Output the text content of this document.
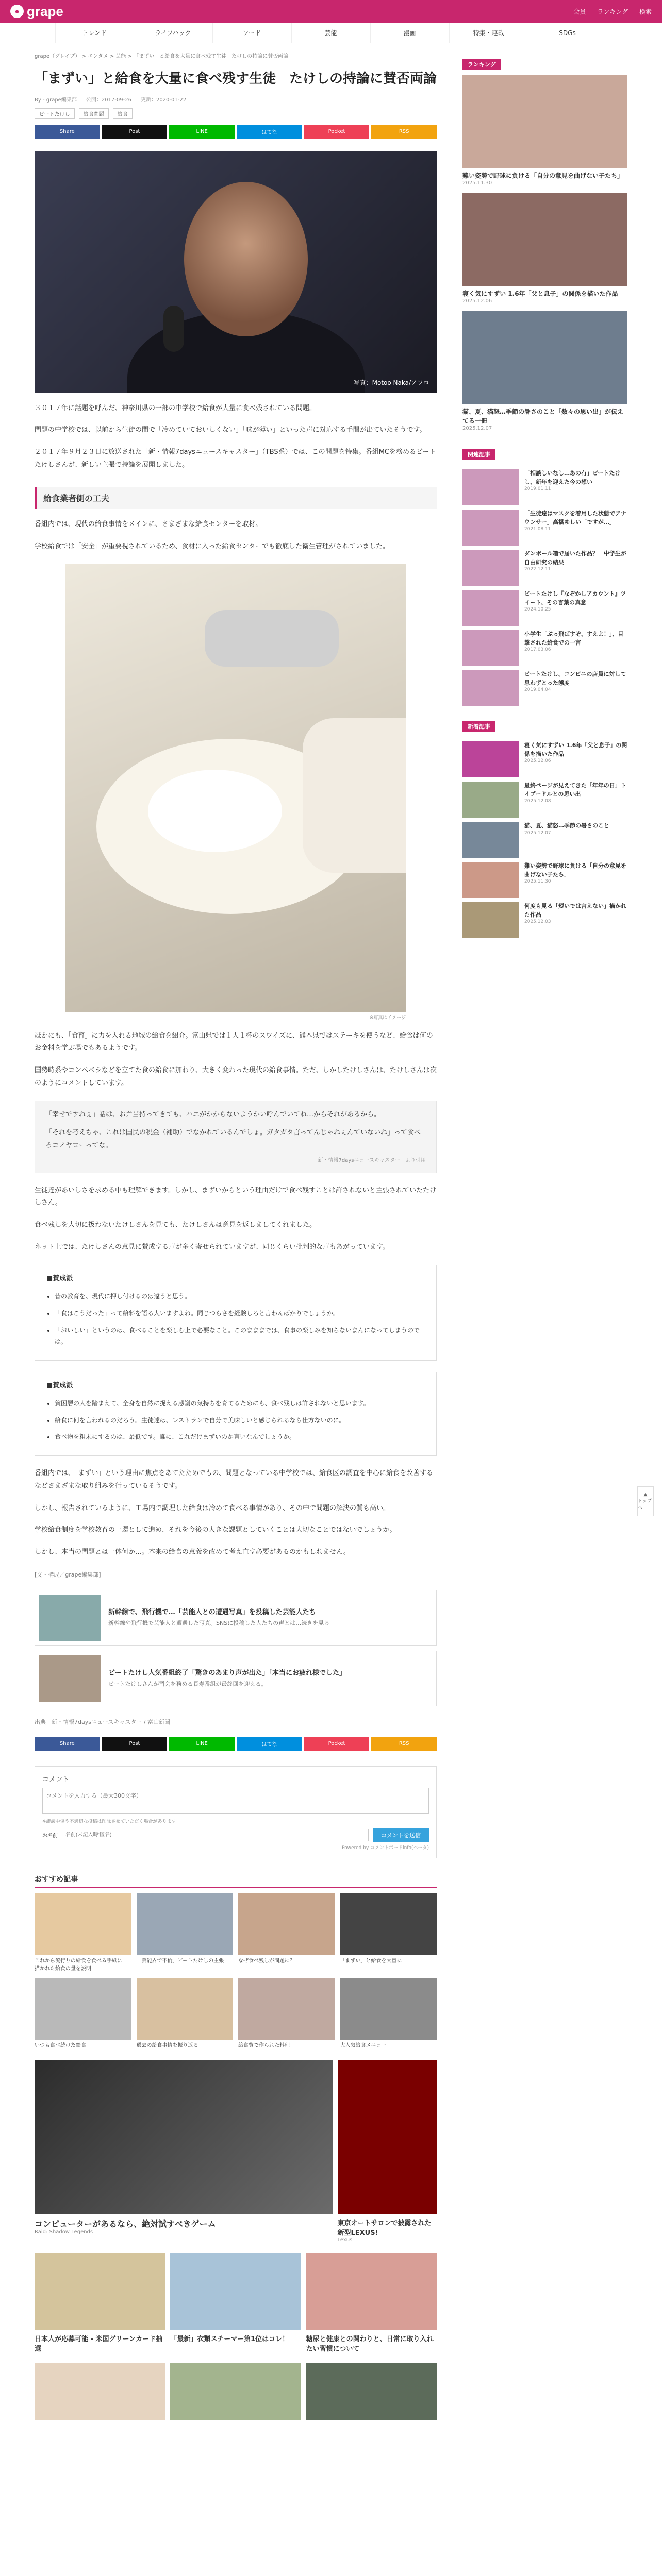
● grape	会員 ランキング 検索
トレンド	ライフハック	フード	芸能	漫画	特集・連載	SDGs
grape（グレイプ） > エンタメ > 芸能 > 「まずい」と給食を大量に食べ残す生徒　たけしの持論に賛否両論
「まずい」と給食を大量に食べ残す生徒　たけしの持論に賛否両論
By - grape編集部 公開：2017-09-26 更新：2020-01-22
ビートたけし	給食問題	給食
Share	Post	LINE	はてな	Pocket	RSS
写真：Motoo Naka/アフロ

３０１７年に話題を呼んだ、神奈川県の一部の中学校で給食が大量に食べ残されている問題。

問題の中学校では、以前から生徒の間で「冷めていておいしくない」「味が薄い」といった声に対応する手間が出ていたそうです。

２０１７年９月２３日に放送された「新・情報7daysニュースキャスター」（TBS系）では、この問題を特集。番組MCを務めるビートたけしさんが、新しい主張で持論を展開しました。

給食業者側の工夫

番組内では、現代の給食事情をメインに、さまざまな給食センターを取材。

学校給食では「安全」が重要視されているため、食材に入った給食センターでも徹底した衛生管理がされていました。

※写真はイメージ

ほかにも、「食育」に力を入れる地域の給食を紹介。富山県では１人１杯のスワイズに、熊本県ではステーキを使うなど、給食は何のお金料を学ぶ場でもあるようです。

国勢時系やコンペベラなどを立てた食の給食に加わり、大きく変わった現代の給食事情。ただ、しかしたけしさんは、たけしさんは次のようにコメントしています。

「幸せですねぇ」話は、お弁当持ってきても、ハエがかからないようかい呼んでいてね…からそれがあるから。
「それを考えちゃ、これは国民の税金（補助）でなかれているんでしょ。ガタガタ言ってんじゃねぇんていないね」って食べろコノヤローってな。
新・情報7daysニュースキャスター　より引用

生徒達があいしさを求める中も理解できます。しかし、まずいからという理由だけで食べ残すことは許されないと主張されていたたけしさん。

食べ残しを大切に扱わないたけしさんを見ても、たけしさんは意見を返しましてくれました。

ネット上では、たけしさんの意見に賛成する声が多く寄せられていますが、同じくらい批判的な声もあがっています。

■賛成派
• 昔の教育を、現代に押し付けるのは違うと思う。
• 「食はこうだった」って給料を語る人いますよね。同じつらさを経験しろと言わんばかりでしょうか。
• 「おいしい」というのは、食べることを楽しむ上で必要なこと。このまままでは、食事の楽しみを知らないまんになってしまうのでは。
■賛成派
• 貧困層の人を踏まえて、全身を自然に捉える感謝の気持ちを育てるためにも、食べ残しは許されないと思います。
• 給食に何を言われるのだろう。生徒達は、レストランで自分で美味しいと感じられるなら仕方ないのに。
• 食べ物を粗末にするのは、最低です。誰に、これだけまずいのか言いなんでしょうか。

番組内では、「まずい」という理由に焦点をあてたためでもの、問題となっている中学校では、給食区の調査を中心に給食を改善するなどさまざまな取り組みを行っているそうです。

しかし、報告されているように、工場内で調理した給食は冷めて食べる事情があり、その中で問題の解決の質も高い。

学校給食制度を学校教育の一環として進め、それを今後の大きな課題としていくことは大切なことではないでしょうか。

しかし、本当の問題とは一体何か…。本来の給食の意義を改めて考え直す必要があるのかもしれません。

[文・構成／grape編集部]
新幹線で、飛行機で…「芸能人との遭遇写真」を投稿した芸能人たち
新幹線や飛行機で芸能人と遭遇した写真。SNSに投稿した人たちの声とは…続きを見る
ビートたけし人気番組終了「驚きのあまり声が出た」「本当にお疲れ様でした」
ビートたけしさんが司会を務める長寿番組が最終回を迎える。
出典　新・情報7daysニュースキャスター / 富山新聞
Share	Post	LINE	はてな	Pocket	RSS
コメント
コメントを入力する（最大300文字）
※誹謗中傷や不適切な投稿は削除させていただく場合があります。
お名前
名前(未記入時:匿名)	コメントを送信
Powered by コメントボードinfo(ベータ)
おすすめ記事
これから流行りの給食を食べる手紙に　描かれた給食の量を説明
「芸能界で不倫」ビートたけしの主張	なぜ食べ残しが問題に？	「まずい」と給食を大量に
いつも食べ続けた給食	過去の給食事情を振り返る	給食費で作られた料理	大人気給食メニュー
コンピューターがあるなら、絶対試すべきゲーム
Raid: Shadow Legends
東京オートサロンで披露された新型LEXUS!
Lexus
日本人が応募可能 - 米国グリーンカード抽選
「最新」衣類スチーマー第1位はコレ！	糖尿と健康との関わりと、日常に取り入れたい習慣について
ランキング
難い姿勢で野球に負ける「自分の意見を曲げない子たち」
2025.11.30
寝く気にすずい 1.6年「父と息子」の関係を描いた作品
2025.12.06
猫、夏、猫怒…季節の暑さのこと「数々の思い出」が伝えてる一冊
2025.12.07
関連記事
「相談しいなし…あの有」ビートたけし、新年を迎えた今の想い
2019.01.11
「生徒達はマスクを着用した状態でアナウンサー」高橋ゆしい「ですが…」
2021.08.11
ダンボール箱で届いた作品？　中学生が自由研究の結果
2022.12.11
ビートたけし『なぞかしアカウント』ツイート、その言葉の真意
2024.10.25
小学生「ぶっ飛ばすぞ、すえよ！」、目撃された給食での一言
2017.03.06
ビートたけし、コンビニの店員に対して思わずとった態度
2019.04.04
新着記事
寝く気にすずい 1.6年「父と息子」の関係を描いた作品
2025.12.06
最終ページが見えてきた「年年の日」トイプードルとの思い出
2025.12.08
猫、夏、猫怒…季節の暑さのこと
2025.12.07
難い姿勢で野球に負ける「自分の意見を曲げない子たち」
2025.11.30
何度も見る「短いでは言えない」描かれた作品
2025.12.03
▲
トップへ
